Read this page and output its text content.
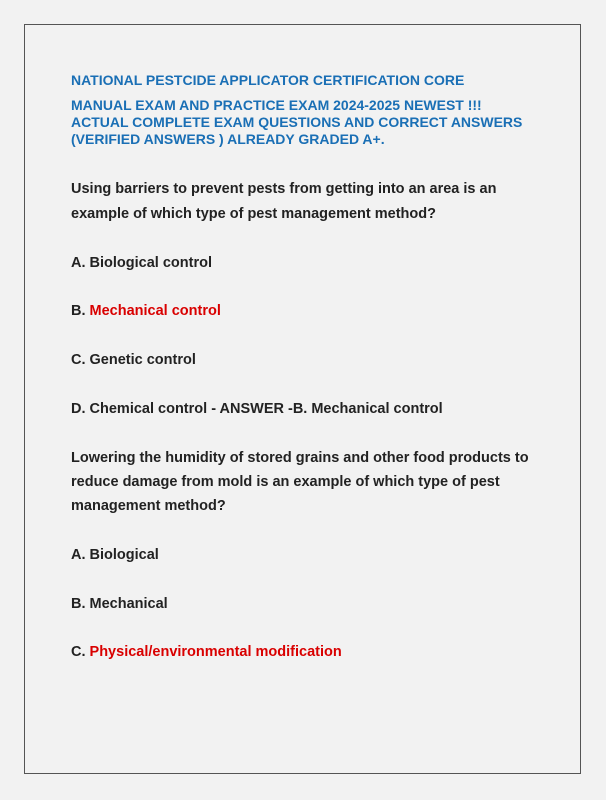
NATIONAL PESTCIDE APPLICATOR CERTIFICATION CORE
MANUAL EXAM AND PRACTICE EXAM 2024-2025 NEWEST !!!
ACTUAL COMPLETE EXAM QUESTIONS AND CORRECT ANSWERS
(VERIFIED ANSWERS ) ALREADY GRADED A+.
Using barriers to prevent pests from getting into an area is an
example of which type of pest management method?
A. Biological control
B. Mechanical control
C. Genetic control
D. Chemical control - ANSWER -B. Mechanical control
Lowering the humidity of stored grains and other food products to
reduce damage from mold is an example of which type of pest
management method?
A. Biological
B. Mechanical
C. Physical/environmental modification
